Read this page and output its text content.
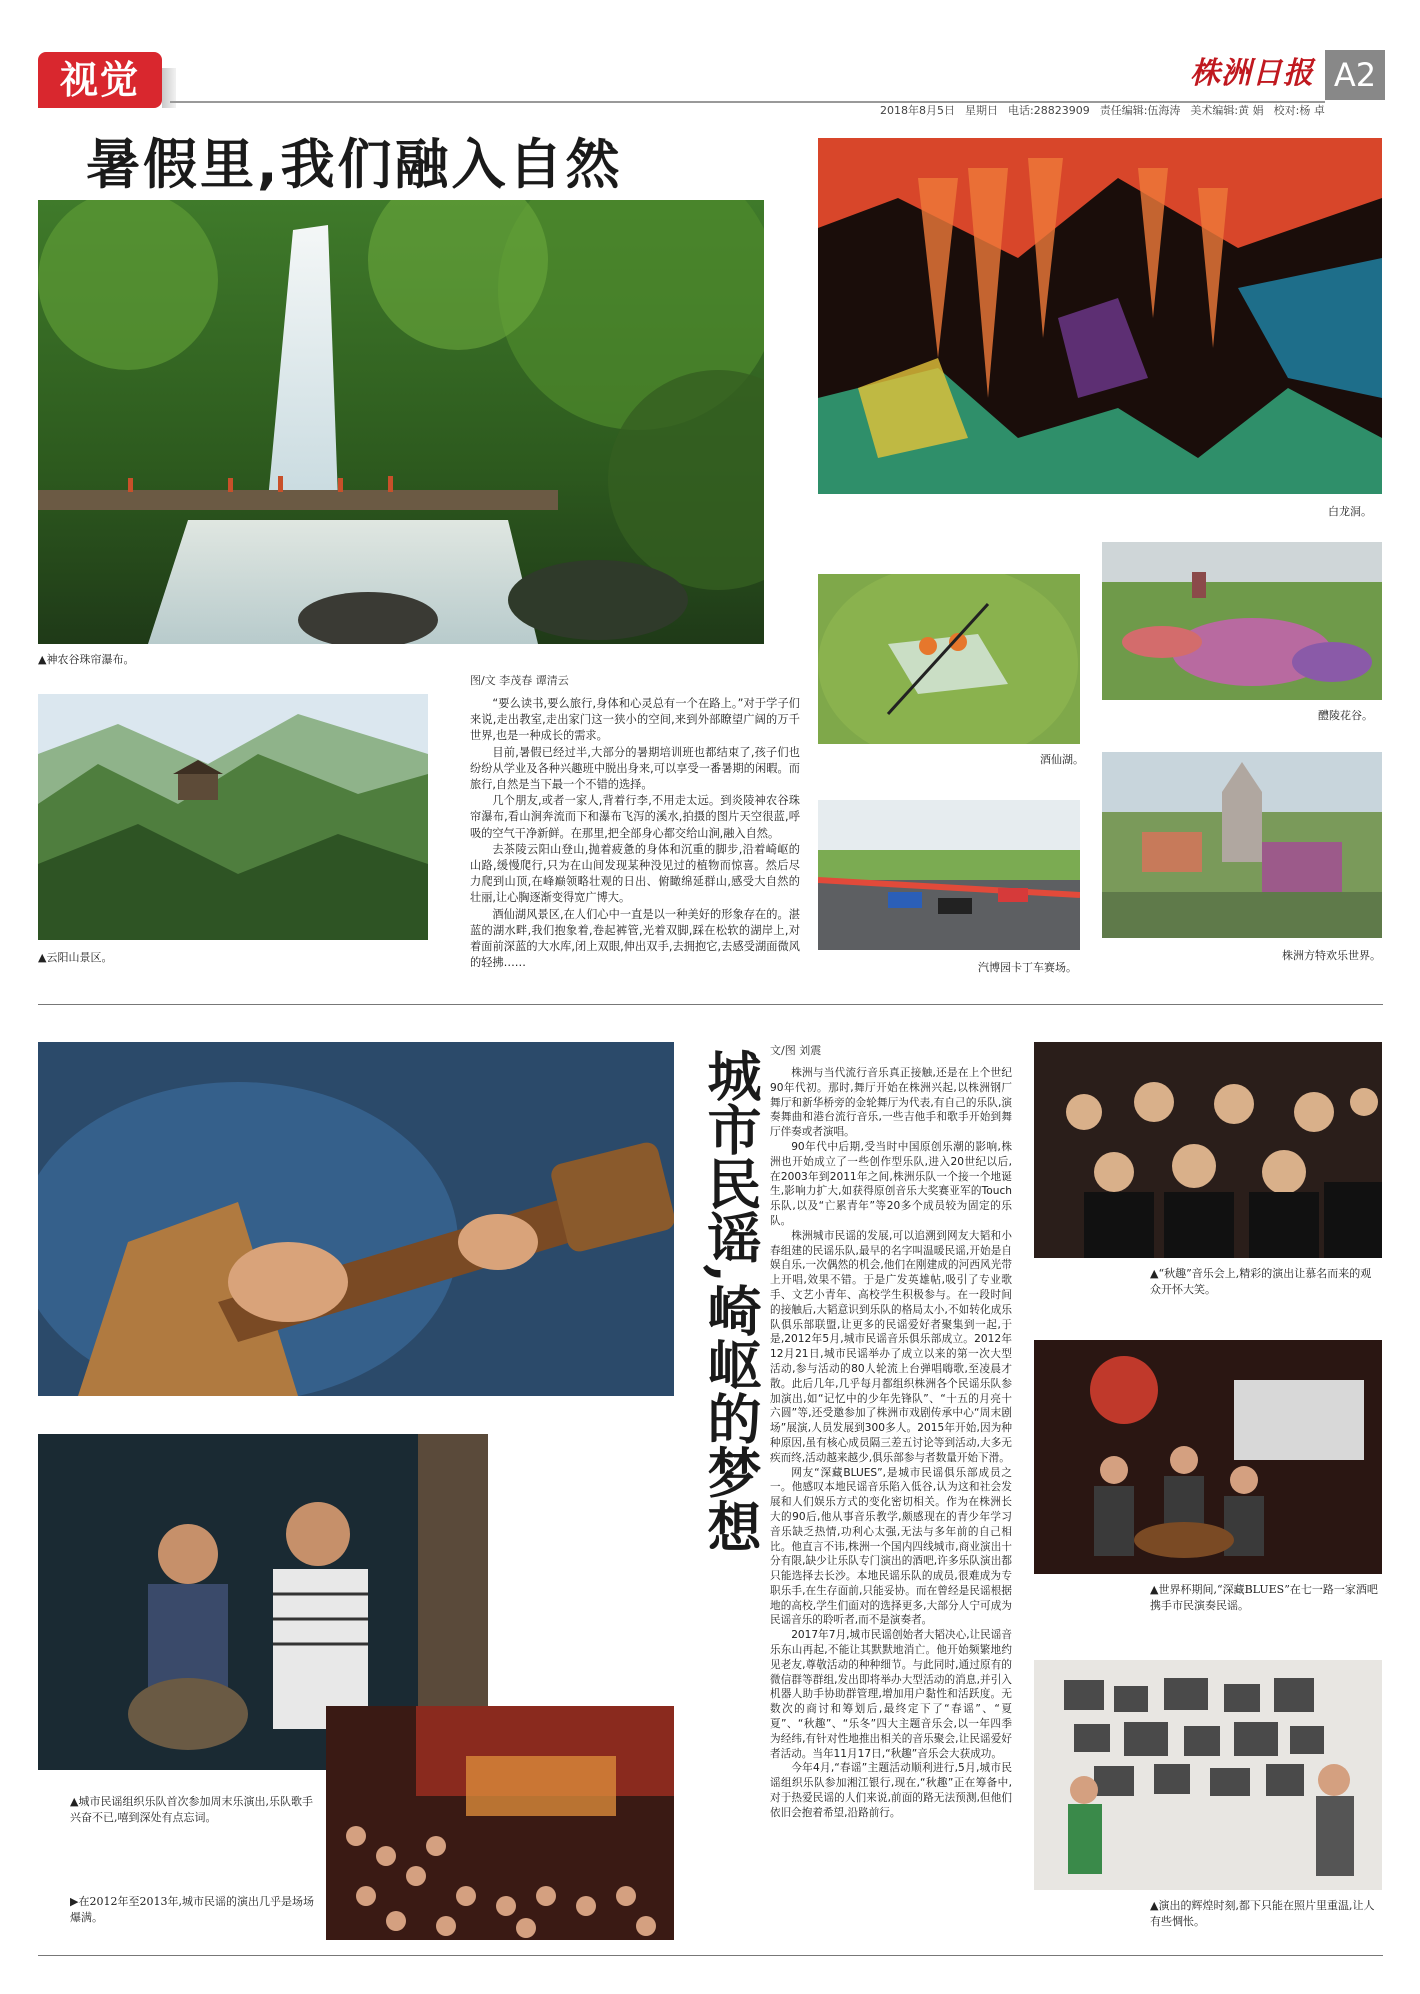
视觉	株洲日报 A2
2018年8月5日 星期日 电话:28823909 责任编辑:伍海涛 美术编辑:黄 娟 校对:杨 卓
暑假里,我们融入自然
▲神农谷珠帘瀑布。
图/文 李茂春 谭清云
▲云阳山景区。

“要么读书,要么旅行,身体和心灵总有一个在路上。”对于学子们来说,走出教室,走出家门这一狭小的空间,来到外部瞭望广阔的万千世界,也是一种成长的需求。

目前,暑假已经过半,大部分的暑期培训班也都结束了,孩子们也纷纷从学业及各种兴趣班中脱出身来,可以享受一番暑期的闲暇。而旅行,自然是当下最一个不错的选择。

几个朋友,或者一家人,背着行李,不用走太远。到炎陵神农谷珠帘瀑布,看山涧奔流而下和瀑布飞泻的溪水,拍摄的图片天空很蓝,呼吸的空气干净新鲜。在那里,把全部身心都交给山涧,融入自然。

去茶陵云阳山登山,抛着疲惫的身体和沉重的脚步,沿着崎岖的山路,缓慢爬行,只为在山间发现某种没见过的植物而惊喜。然后尽力爬到山顶,在峰巅领略壮观的日出、俯瞰绵延群山,感受大自然的壮丽,让心胸逐渐变得宽广博大。

酒仙湖风景区,在人们心中一直是以一种美好的形象存在的。湛蓝的湖水畔,我们抱象着,卷起裤管,光着双脚,踩在松软的湖岸上,对着面前深蓝的大水库,闭上双眼,伸出双手,去拥抱它,去感受湖面微风的轻拂……

白龙洞。
酒仙湖。
醴陵花谷。
汽博园卡丁车赛场。
株洲方特欢乐世界。
城市民谣,崎岖的梦想
▲城市民谣组织乐队首次参加周末乐演出,乐队歌手兴奋不已,嘻到深处有点忘词。
▶在2012年至2013年,城市民谣的演出几乎是场场爆满。
文/图 刘震

株洲与当代流行音乐真正接触,还是在上个世纪90年代初。那时,舞厅开始在株洲兴起,以株洲钢厂舞厅和新华桥旁的金轮舞厅为代表,有自己的乐队,演奏舞曲和港台流行音乐,一些吉他手和歌手开始到舞厅伴奏或者演唱。

90年代中后期,受当时中国原创乐潮的影响,株洲也开始成立了一些创作型乐队,进入20世纪以后,在2003年到2011年之间,株洲乐队一个接一个地诞生,影响力扩大,如获得原创音乐大奖赛亚军的Touch乐队,以及“亡累青年”等20多个成员较为固定的乐队。

株洲城市民谣的发展,可以追溯到网友大韬和小春组建的民谣乐队,最早的名字叫温暖民谣,开始是自娱自乐,一次偶然的机会,他们在刚建成的河西风光带上开唱,效果不错。于是广发英雄帖,吸引了专业歌手、文艺小青年、高校学生积极参与。在一段时间的接触后,大韬意识到乐队的格局太小,不如转化成乐队俱乐部联盟,让更多的民谣爱好者聚集到一起,于是,2012年5月,城市民谣音乐俱乐部成立。2012年12月21日,城市民谣举办了成立以来的第一次大型活动,参与活动的80人轮流上台弹唱嗨歌,至凌晨才散。此后几年,几乎每月都组织株洲各个民谣乐队参加演出,如“记忆中的少年先锋队”、“十五的月亮十六圆”等,还受邀参加了株洲市戏剧传承中心“周末剧场”展演,人员发展到300多人。2015年开始,因为种种原因,虽有核心成员隔三差五讨论等到活动,大多无疾而终,活动越来越少,俱乐部参与者数量开始下滑。

网友“深藏BLUES”,是城市民谣俱乐部成员之一。他感叹本地民谣音乐陷入低谷,认为这和社会发展和人们娱乐方式的变化密切相关。作为在株洲长大的90后,他从事音乐教学,颇感现在的青少年学习音乐缺乏热情,功利心太强,无法与多年前的自己相比。他直言不讳,株洲一个国内四线城市,商业演出十分有限,缺少让乐队专门演出的酒吧,许多乐队演出都只能选择去长沙。本地民谣乐队的成员,很难成为专职乐手,在生存面前,只能妥协。而在曾经是民谣根据地的高校,学生们面对的选择更多,大部分人宁可成为民谣音乐的聆听者,而不是演奏者。

2017年7月,城市民谣创始者大韬决心,让民谣音乐东山再起,不能让其默默地消亡。他开始频繁地约见老友,尊敬活动的种种细节。与此同时,通过原有的微信群等群组,发出即将举办大型活动的消息,并引入机器人助手协助群管理,增加用户黏性和活跃度。无数次的商讨和筹划后,最终定下了“春谣”、“夏夏”、“秋趣”、“乐冬”四大主题音乐会,以一年四季为经纬,有针对性地推出相关的音乐聚会,让民谣爱好者活动。当年11月17日,“秋趣”音乐会大获成功。

今年4月,“春谣”主题活动顺利进行,5月,城市民谣组织乐队参加湘江银行,现在,“秋趣”正在筹备中,对于热爱民谣的人们来说,前面的路无法预测,但他们依旧会抱着希望,沿路前行。

▲“秋趣”音乐会上,精彩的演出让慕名而来的观众开怀大笑。
▲世界杯期间,“深藏BLUES”在七一路一家酒吧携手市民演奏民谣。
▲演出的辉煌时刻,都下只能在照片里重温,让人有些惆怅。
